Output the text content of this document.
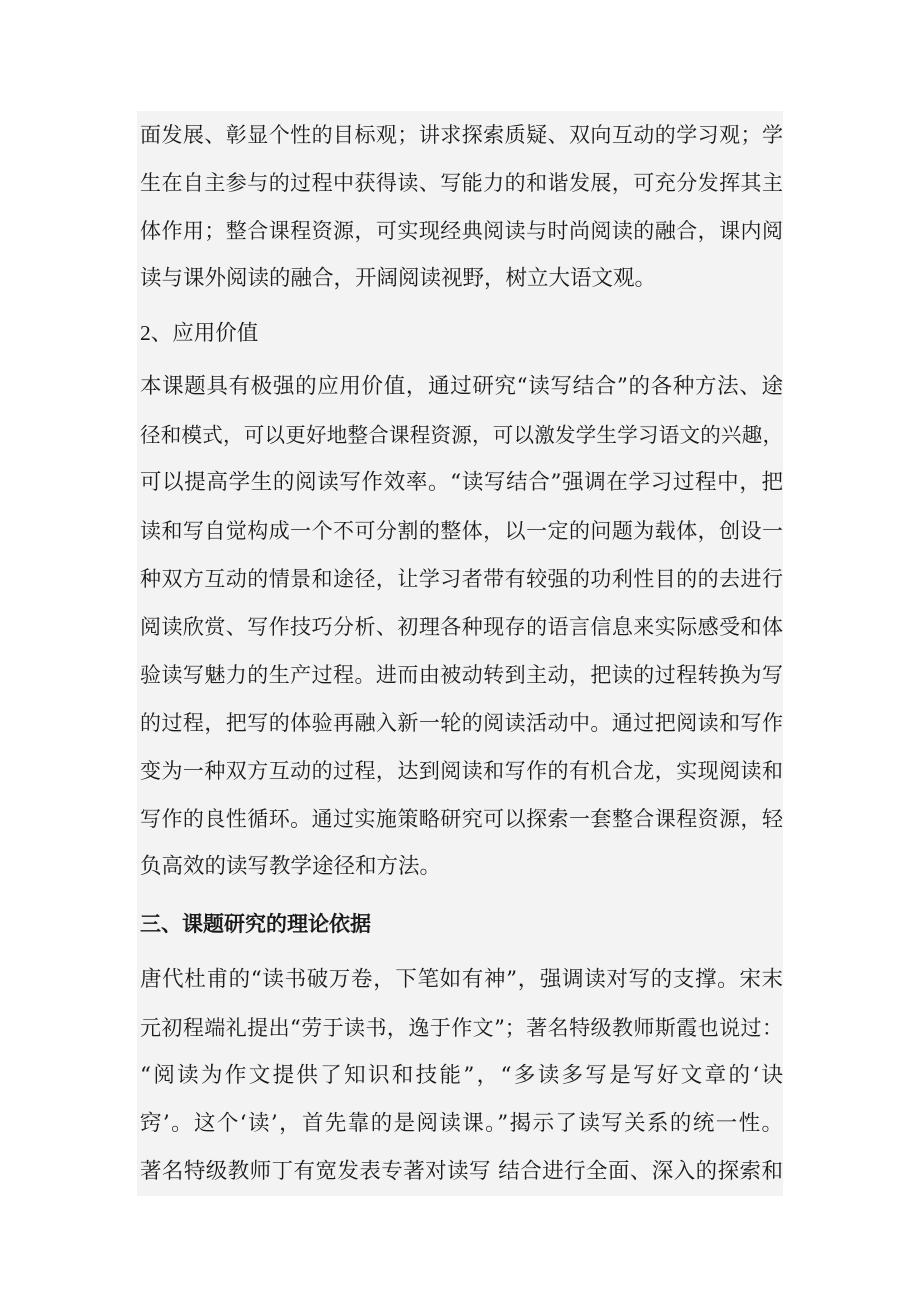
面发展、彰显个性的目标观；讲求探索质疑、双向互动的学习观；学
生在自主参与的过程中获得读、写能力的和谐发展，可充分发挥其主
体作用；整合课程资源，可实现经典阅读与时尚阅读的融合，课内阅
读与课外阅读的融合，开阔阅读视野，树立大语文观。
2、应用价值
本课题具有极强的应用价值，通过研究“读写结合”的各种方法、途
径和模式，可以更好地整合课程资源，可以激发学生学习语文的兴趣，
可以提高学生的阅读写作效率。“读写结合”强调在学习过程中，把
读和写自觉构成一个不可分割的整体，以一定的问题为载体，创设一
种双方互动的情景和途径，让学习者带有较强的功利性目的的去进行
阅读欣赏、写作技巧分析、初理各种现存的语言信息来实际感受和体
验读写魅力的生产过程。进而由被动转到主动，把读的过程转换为写
的过程，把写的体验再融入新一轮的阅读活动中。通过把阅读和写作
变为一种双方互动的过程，达到阅读和写作的有机合龙，实现阅读和
写作的良性循环。通过实施策略研究可以探索一套整合课程资源，轻
负高效的读写教学途径和方法。
三、课题研究的理论依据
唐代杜甫的“读书破万卷，下笔如有神”，强调读对写的支撑。宋末
元初程端礼提出“劳于读书，逸于作文”；著名特级教师斯霞也说过：
“阅读为作文提供了知识和技能”，“多读多写是写好文章的‘诀
窍’。这个‘读’，首先靠的是阅读课。”揭示了读写关系的统一性。
著名特级教师丁有宽发表专著对读写 结合进行全面、深入的探索和
